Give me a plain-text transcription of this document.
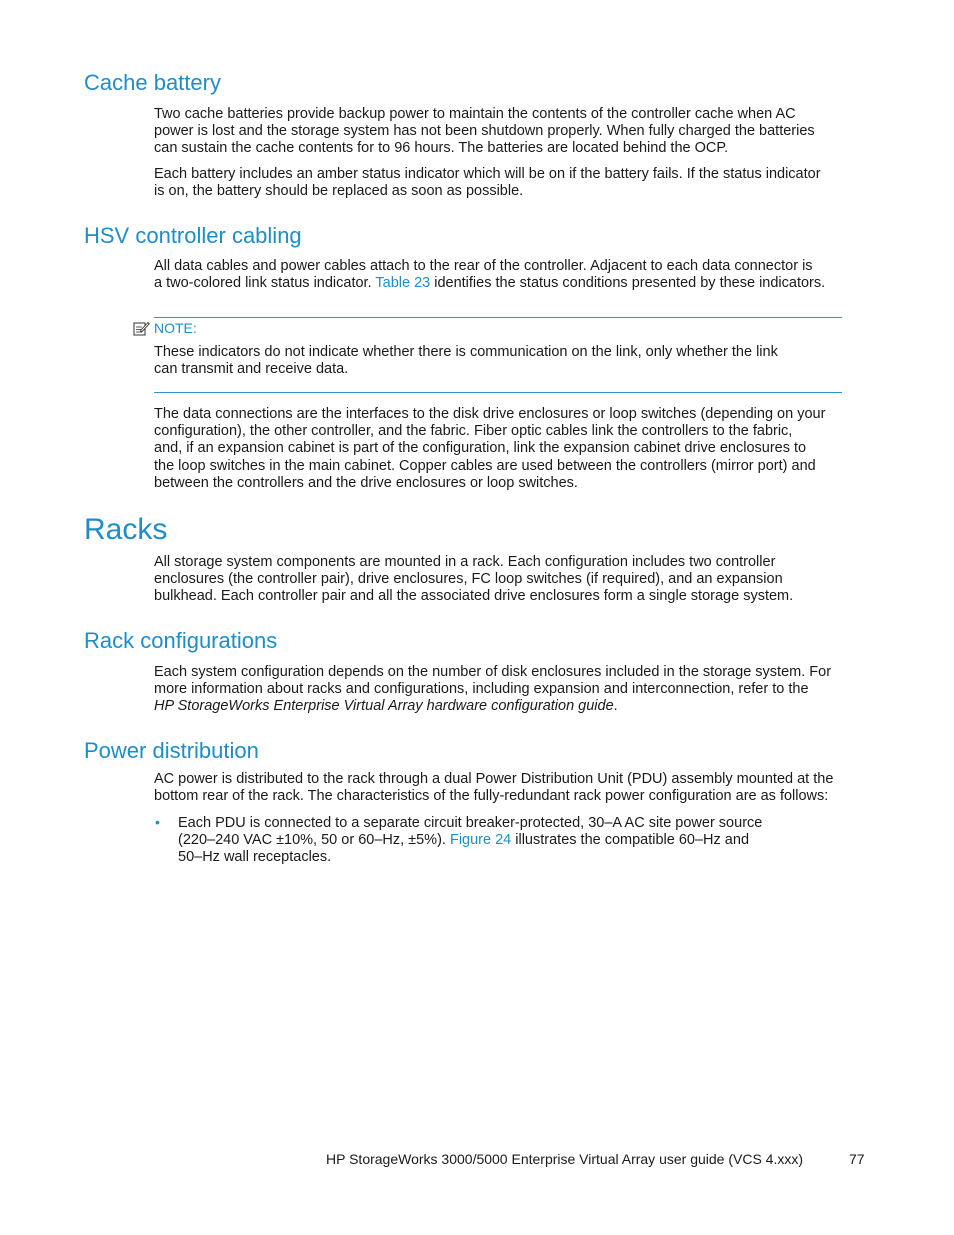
Cache battery
Two cache batteries provide backup power to maintain the contents of the controller cache when AC
power is lost and the storage system has not been shutdown properly. When fully charged the batteries
can sustain the cache contents for to 96 hours. The batteries are located behind the OCP.
Each battery includes an amber status indicator which will be on if the battery fails. If the status indicator
is on, the battery should be replaced as soon as possible.
HSV controller cabling
All data cables and power cables attach to the rear of the controller. Adjacent to each data connector is
a two-colored link status indicator. Table 23 identifies the status conditions presented by these indicators.
NOTE:
These indicators do not indicate whether there is communication on the link, only whether the link
can transmit and receive data.
The data connections are the interfaces to the disk drive enclosures or loop switches (depending on your
configuration), the other controller, and the fabric. Fiber optic cables link the controllers to the fabric,
and, if an expansion cabinet is part of the configuration, link the expansion cabinet drive enclosures to
the loop switches in the main cabinet. Copper cables are used between the controllers (mirror port) and
between the controllers and the drive enclosures or loop switches.
Racks
All storage system components are mounted in a rack. Each configuration includes two controller
enclosures (the controller pair), drive enclosures, FC loop switches (if required), and an expansion
bulkhead. Each controller pair and all the associated drive enclosures form a single storage system.
Rack configurations
Each system configuration depends on the number of disk enclosures included in the storage system. For
more information about racks and configurations, including expansion and interconnection, refer to the
HP StorageWorks Enterprise Virtual Array hardware configuration guide.
Power distribution
AC power is distributed to the rack through a dual Power Distribution Unit (PDU) assembly mounted at the
bottom rear of the rack. The characteristics of the fully-redundant rack power configuration are as follows:
• Each PDU is connected to a separate circuit breaker-protected, 30–A AC site power source
(220–240 VAC ±10%, 50 or 60–Hz, ±5%). Figure 24 illustrates the compatible 60–Hz and
50–Hz wall receptacles.
HP StorageWorks 3000/5000 Enterprise Virtual Array user guide (VCS 4.xxx)	77
